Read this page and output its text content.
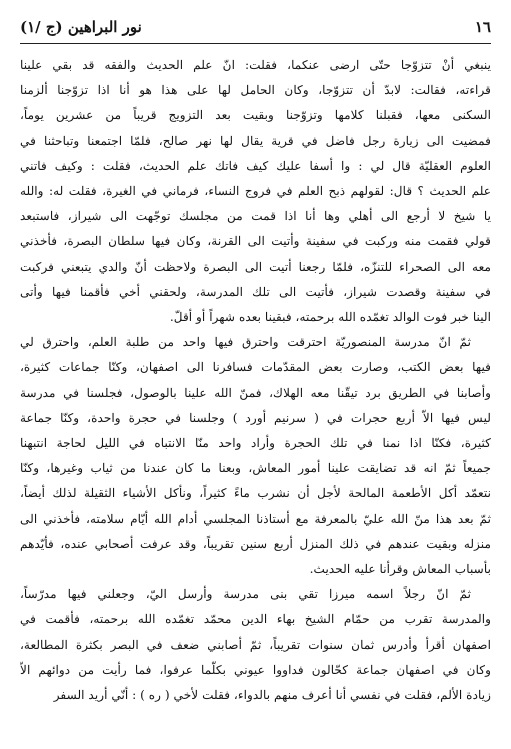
١٦
نور البراهين (ج /١)
ينبغي أنْ تتزوّجا حتّى ارضى عنكما، فقلت: انّ علم الحديث والفقه قد بقي علينا
قراءته، فقالت: لابدّ أن تتزوّجا، وكان الحامل لها على هذا هو أنا اذا تزوّجنا ألزمنا
السكنى معها، فقبلنا كلامها وتزوّجنا وبقيت بعد التزويج قريباً من عشرين يوماً،
فمضيت الى زيارة رجل فاضل في قرية يقال لها نهر صالح، فلمّا اجتمعنا وتباحثنا في
العلوم العقليّة قال لي : وا أسفا عليك كيف فاتك علم الحديث، فقلت : وكيف فاتني
علم الحديث ؟ قال: لقولهم ذبح العلم في فروج النساء، فرماني في الغيرة، فقلت له: والله
يا شيخ لا أرجع الى أهلي وها أنا اذا قمت من مجلسك توجّهت الى شيراز، فاستبعد
قولي فقمت منه وركبت في سفينة وأتيت الى القرنة، وكان فيها سلطان البصرة، فأخذني
معه الى الصحراء للتنزّه، فلمّا رجعنا أتيت الى البصرة ولاحظت أنّ والدي يتبعني فركبت
في سفينة وقصدت شيراز، فأتيت الى تلك المدرسة، ولحقني أخي فأقمنا فيها وأتى
الينا خبر فوت الوالد تغمّده الله برحمته، فبقينا بعده شهراً أو أقلّ.
ثمّ انّ مدرسة المنصوريّة احترقت واحترق فيها واحد من طلبة العلم، واحترق لي
فيها بعض الكتب، وصارت بعض المقدّمات فسافرنا الى اصفهان، وكنّا جماعات كثيرة،
وأصابنا في الطريق برد تيقّنا معه الهلاك، فمنّ الله علينا بالوصول، فجلسنا في مدرسة
ليس فيها الاّ أربع حجرات في ( سرنيم أورد ) وجلسنا في حجرة واحدة، وكنّا جماعة
كثيرة، فكنّا اذا نمنا في تلك الحجرة وأراد واحد منّا الانتباه في الليل لحاجة انتبهنا
جميعاً ثمّ انه قد تضايقت علينا أمور المعاش، وبعنا ما كان عندنا من ثياب وغيرها، وكنّا
نتعمّد أكل الأطعمة المالحة لأجل أن نشرب ماءً كثيراً، ونأكل الأشياء الثقيلة لذلك أيضاً،
ثمّ بعد هذا منّ الله عليّ بالمعرفة مع أستاذنا المجلسي أدام الله أيّام سلامته، فأخذني الى
منزله وبقيت عندهم في ذلك المنزل أربع سنين تقريباً، وقد عرفت أصحابي عنده، فأيّدهم
بأسباب المعاش وقرأنا عليه الحديث.
ثمّ انّ رجلاً اسمه ميرزا تقي بنى مدرسة وأرسل اليّ، وجعلني فيها مدرّساً،
والمدرسة تقرب من حمّام الشيخ بهاء الدين محمّد تغمّده الله برحمته، فأقمت في
اصفهان أقرأ وأدرس ثمان سنوات تقريباً، ثمّ أصابني ضعف في البصر بكثرة المطالعة،
وكان في اصفهان جماعة كحّالون فداووا عيوني بكلّما عرفوا، فما رأيت من دوائهم الاّ
زيادة الألم، فقلت في نفسي أنا أعرف منهم بالدواء، فقلت لأخي ( ره ) : أنّي أريد السفر
